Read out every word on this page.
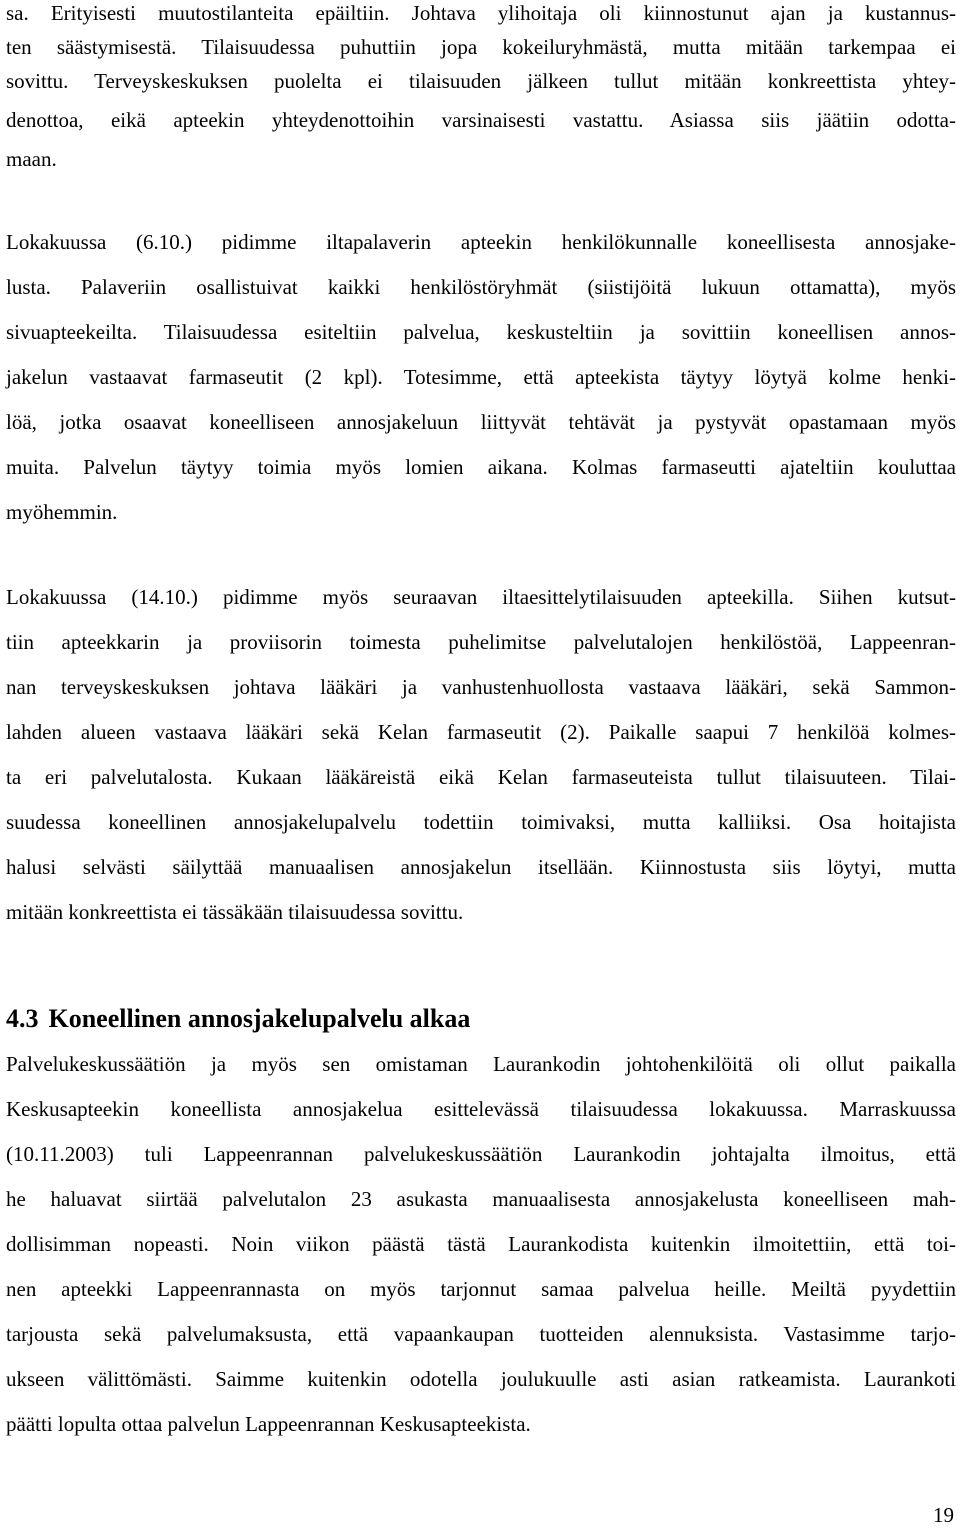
sa. Erityisesti muutostilanteita epäiltiin. Johtava ylihoitaja oli kiinnostunut ajan ja kustannus-
ten säästymisestä. Tilaisuudessa puhuttiin jopa kokeiluryhmästä, mutta mitään tarkempaa ei
sovittu. Terveyskeskuksen puolelta ei tilaisuuden jälkeen tullut mitään konkreettista yhtey-
denottoa, eikä apteekin yhteydenottoihin varsinaisesti vastattu. Asiassa siis jäätiin odotta-
maan.
Lokakuussa (6.10.) pidimme iltapalaverin apteekin henkilökunnalle koneellisesta annosjake-
lusta. Palaveriin osallistuivat kaikki henkilöstöryhmät (siistijöitä lukuun ottamatta), myös
sivuapteekeilta. Tilaisuudessa esiteltiin palvelua, keskusteltiin ja sovittiin koneellisen annos-
jakelun vastaavat farmaseutit (2 kpl). Totesimme, että apteekista täytyy löytyä kolme henki-
löä, jotka osaavat koneelliseen annosjakeluun liittyvät tehtävät ja pystyvät opastamaan myös
muita. Palvelun täytyy toimia myös lomien aikana. Kolmas farmaseutti ajateltiin kouluttaa
myöhemmin.
Lokakuussa (14.10.) pidimme myös seuraavan iltaesittelytilaisuuden apteekilla. Siihen kutsut-
tiin apteekkarin ja proviisorin toimesta puhelimitse palvelutalojen henkilöstöä, Lappeenran-
nan terveyskeskuksen johtava lääkäri ja vanhustenhuollosta vastaava lääkäri, sekä Sammon-
lahden alueen vastaava lääkäri sekä Kelan farmaseutit (2). Paikalle saapui 7 henkilöä kolmes-
ta eri palvelutalosta. Kukaan lääkäreistä eikä Kelan farmaseuteista tullut tilaisuuteen. Tilai-
suudessa koneellinen annosjakelupalvelu todettiin toimivaksi, mutta kalliiksi. Osa hoitajista
halusi selvästi säilyttää manuaalisen annosjakelun itsellään. Kiinnostusta siis löytyi, mutta
mitään konkreettista ei tässäkään tilaisuudessa sovittu.
4.3 Koneellinen annosjakelupalvelu alkaa
Palvelukeskussäätiön ja myös sen omistaman Laurankodin johtohenkilöitä oli ollut paikalla
Keskusapteekin koneellista annosjakelua esittelevässä tilaisuudessa lokakuussa. Marraskuussa
(10.11.2003) tuli Lappeenrannan palvelukeskussäätiön Laurankodin johtajalta ilmoitus, että
he haluavat siirtää palvelutalon 23 asukasta manuaalisesta annosjakelusta koneelliseen mah-
dollisimman nopeasti. Noin viikon päästä tästä Laurankodista kuitenkin ilmoitettiin, että toi-
nen apteekki Lappeenrannasta on myös tarjonnut samaa palvelua heille. Meiltä pyydettiin
tarjousta sekä palvelumaksusta, että vapaankaupan tuotteiden alennuksista. Vastasimme tarjo-
ukseen välittömästi. Saimme kuitenkin odotella joulukuulle asti asian ratkeamista. Laurankoti
päätti lopulta ottaa palvelun Lappeenrannan Keskusapteekista.
19
